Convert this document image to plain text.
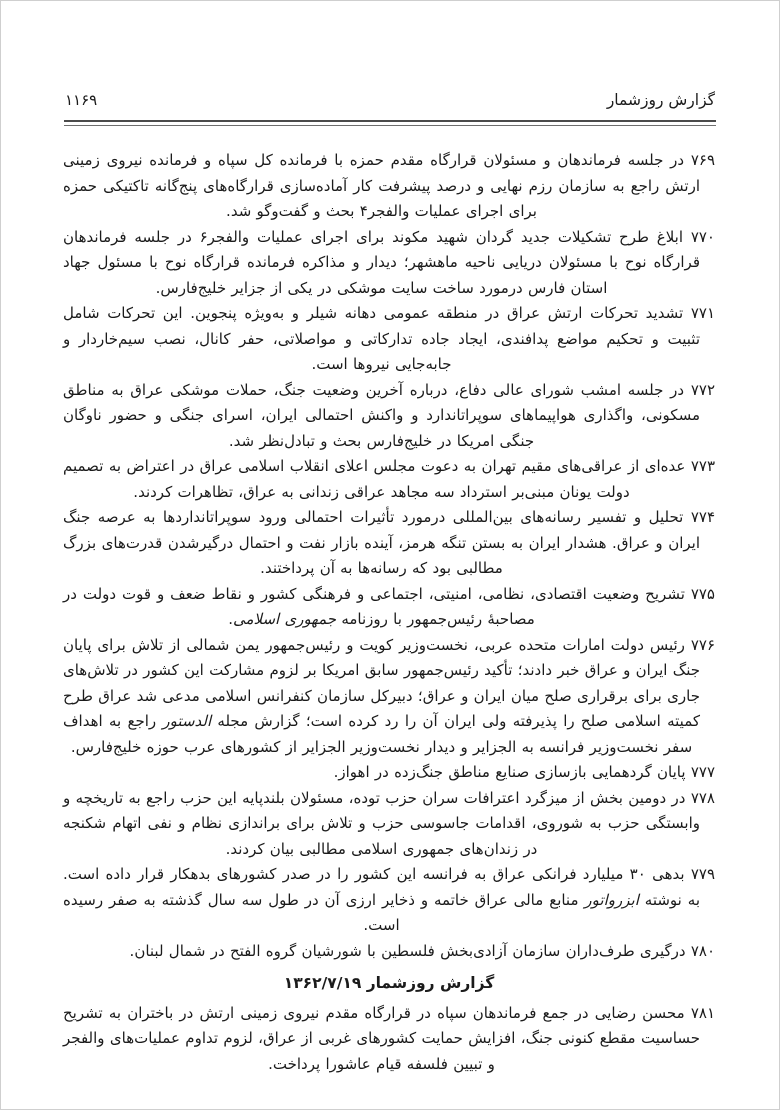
گزارش روزشمار
۱۱۶۹
۷۶۹ در جلسه فرماندهان و مسئولان قرارگاه مقدم حمزه با فرمانده کل سپاه و فرمانده نیروی زمینی ارتش راجع به سازمان رزم نهایی و درصد پیشرفت کار آماده‌سازی قرارگاه‌های پنج‌گانه تاکتیکی حمزه برای اجرای عملیات والفجر۴ بحث و گفت‌وگو شد.
۷۷۰ ابلاغ طرح تشکیلات جدید گردان شهید مکوند برای اجرای عملیات والفجر۶ در جلسه فرماندهان قرارگاه نوح با مسئولان دریایی ناحیه ماهشهر؛ دیدار و مذاکره فرمانده قرارگاه نوح با مسئول جهاد استان فارس درمورد ساخت سایت موشکی در یکی از جزایر خلیج‌فارس.
۷۷۱ تشدید تحرکات ارتش عراق در منطقه عمومی دهانه شیلر و به‌ویژه پنجوین. این تحرکات شامل تثبیت و تحکیم مواضع پدافندی، ایجاد جاده تدارکاتی و مواصلاتی، حفر کانال، نصب سیم‌خاردار و جابه‌جایی نیروها است.
۷۷۲ در جلسه امشب شورای عالی دفاع، درباره آخرین وضعیت جنگ، حملات موشکی عراق به مناطق مسکونی، واگذاری هواپیماهای سوپراتاندارد و واکنش احتمالی ایران، اسرای جنگی و حضور ناوگان جنگی امریکا در خلیج‌فارس بحث و تبادل‌نظر شد.
۷۷۳ عده‌ای از عراقی‌های مقیم تهران به دعوت مجلس اعلای انقلاب اسلامی عراق در اعتراض به تصمیم دولت یونان مبنی‌بر استرداد سه مجاهد عراقی زندانی به عراق، تظاهرات کردند.
۷۷۴ تحلیل و تفسیر رسانه‌های بین‌المللی درمورد تأثیرات احتمالی ورود سوپراتانداردها به عرصه جنگ ایران و عراق. هشدار ایران به بستن تنگه هرمز، آینده بازار نفت و احتمال درگیرشدن قدرت‌های بزرگ مطالبی بود که رسانه‌ها به آن پرداختند.
۷۷۵ تشریح وضعیت اقتصادی، نظامی، امنیتی، اجتماعی و فرهنگی کشور و نقاط ضعف و قوت دولت در مصاحبهٔ رئیس‌جمهور با روزنامه جمهوری اسلامی.
۷۷۶ رئیس دولت امارات متحده عربی، نخست‌وزیر کویت و رئیس‌جمهور یمن شمالی از تلاش برای پایان جنگ ایران و عراق خبر دادند؛ تأکید رئیس‌جمهور سابق امریکا بر لزوم مشارکت این کشور در تلاش‌های جاری برای برقراری صلح میان ایران و عراق؛ دبیرکل سازمان کنفرانس اسلامی مدعی شد عراق طرح کمیته اسلامی صلح را پذیرفته ولی ایران آن را رد کرده است؛ گزارش مجله الدستور راجع به اهداف سفر نخست‌وزیر فرانسه به الجزایر و دیدار نخست‌وزیر الجزایر از کشورهای عرب حوزه خلیج‌فارس.
۷۷۷ پایان گردهمایی بازسازی صنایع مناطق جنگ‌زده در اهواز.
۷۷۸ در دومین بخش از میزگرد اعترافات سران حزب توده، مسئولان بلندپایه این حزب راجع به تاریخچه و وابستگی حزب به شوروی، اقدامات جاسوسی حزب و تلاش برای براندازی نظام و نفی اتهام شکنجه در زندان‌های جمهوری اسلامی مطالبی بیان کردند.
۷۷۹ بدهی ۳۰ میلیارد فرانکی عراق به فرانسه این کشور را در صدر کشورهای بدهکار قرار داده است. به نوشته ابزرواتور منابع مالی عراق خاتمه و ذخایر ارزی آن در طول سه سال گذشته به صفر رسیده است.
۷۸۰ درگیری طرف‌داران سازمان آزادی‌بخش فلسطین با شورشیان گروه الفتح در شمال لبنان.
گزارش روزشمار ۱۳۶۲/۷/۱۹
۷۸۱ محسن رضایی در جمع فرماندهان سپاه در قرارگاه مقدم نیروی زمینی ارتش در باختران به تشریح حساسیت مقطع کنونی جنگ، افزایش حمایت کشورهای غربی از عراق، لزوم تداوم عملیات‌های والفجر و تبیین فلسفه قیام عاشورا پرداخت.
